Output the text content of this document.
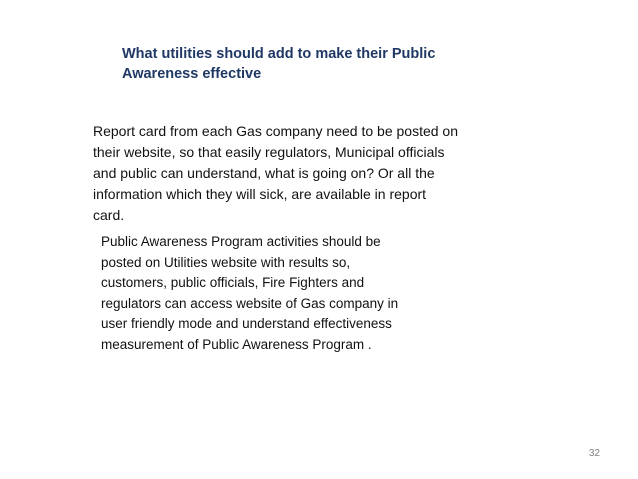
What utilities should add to make their Public
Awareness effective

Report card from each Gas company need to be posted on
their website, so that easily regulators, Municipal officials
and public can understand, what is going on? Or all the
information which they will sick, are available in report
card.

Public Awareness Program activities should be
posted on Utilities website with results so,
customers, public officials, Fire Fighters and
regulators can access website of Gas company in
user friendly mode and understand effectiveness
measurement of Public Awareness Program .

32
